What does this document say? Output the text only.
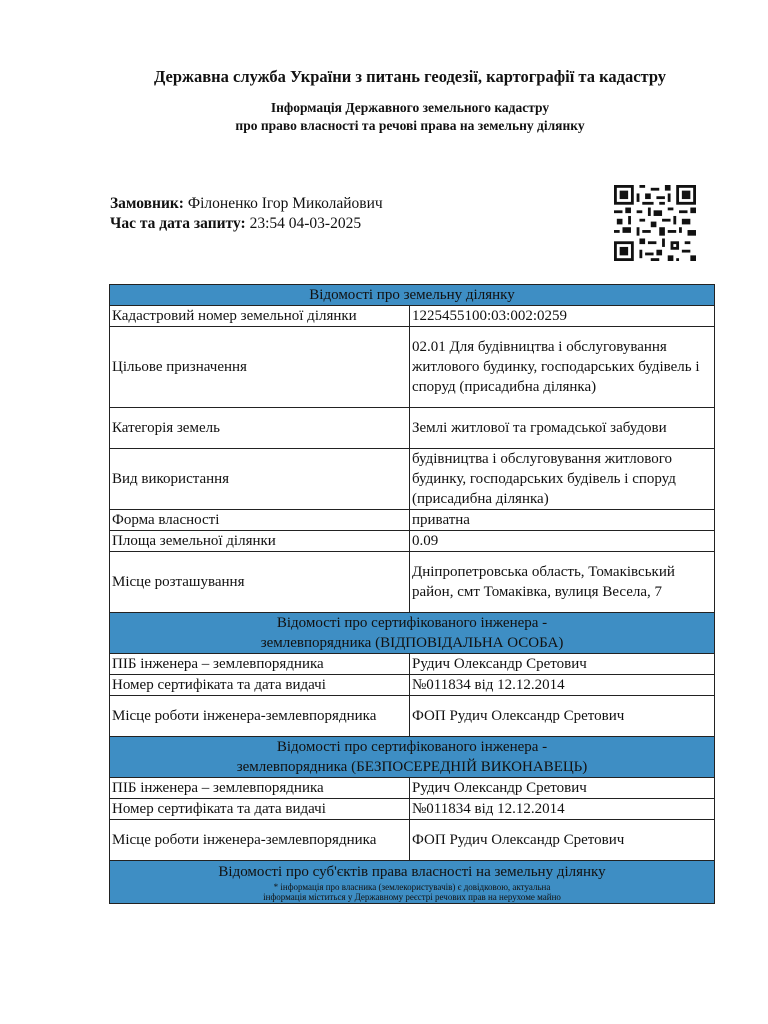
Державна служба України з питань геодезії, картографії та кадастру
Інформація Державного земельного кадастру
про право власності та речові права на земельну ділянку
Замовник: Філоненко Ігор Миколайович
Час та дата запиту: 23:54 04-03-2025
Відомості про земельну ділянку	
Кадастровий номер земельної ділянки	1225455100:03:002:0259
Цільове призначення	02.01 Для будівництва і обслуговування житлового будинку, господарських будівель і споруд (присадибна ділянка)
Категорія земель	Землі житлової та громадської забудови
Вид використання	будівництва і обслуговування житлового будинку, господарських будівель і споруд (присадибна ділянка)
Форма власності	приватна
Площа земельної ділянки	0.09
Місце розташування	Дніпропетровська область, Томаківський район, смт Томаківка, вулиця Весела, 7

Відомості про сертифікованого інженера -
землевпорядника (ВІДПОВІДАЛЬНА ОСОБА)	

ПІБ інженера – землевпорядника	Рудич Олександр Сретович
Номер сертифіката та дата видачі	№011834 від 12.12.2014
Місце роботи інженера-землевпорядника	ФОП Рудич Олександр Сретович

Відомості про сертифікованого інженера -
землевпорядника (БЕЗПОСЕРЕДНІЙ ВИКОНАВЕЦЬ)	

ПІБ інженера – землевпорядника	Рудич Олександр Сретович
Номер сертифіката та дата видачі	№011834 від 12.12.2014
Місце роботи інженера-землевпорядника	ФОП Рудич Олександр Сретович

Відомості про суб'єктів права власності на земельну ділянку
* інформація про власника (землекористувачів) є довідковою, актуальна
інформація міститься у Державному реєстрі речових прав на нерухоме майно	
